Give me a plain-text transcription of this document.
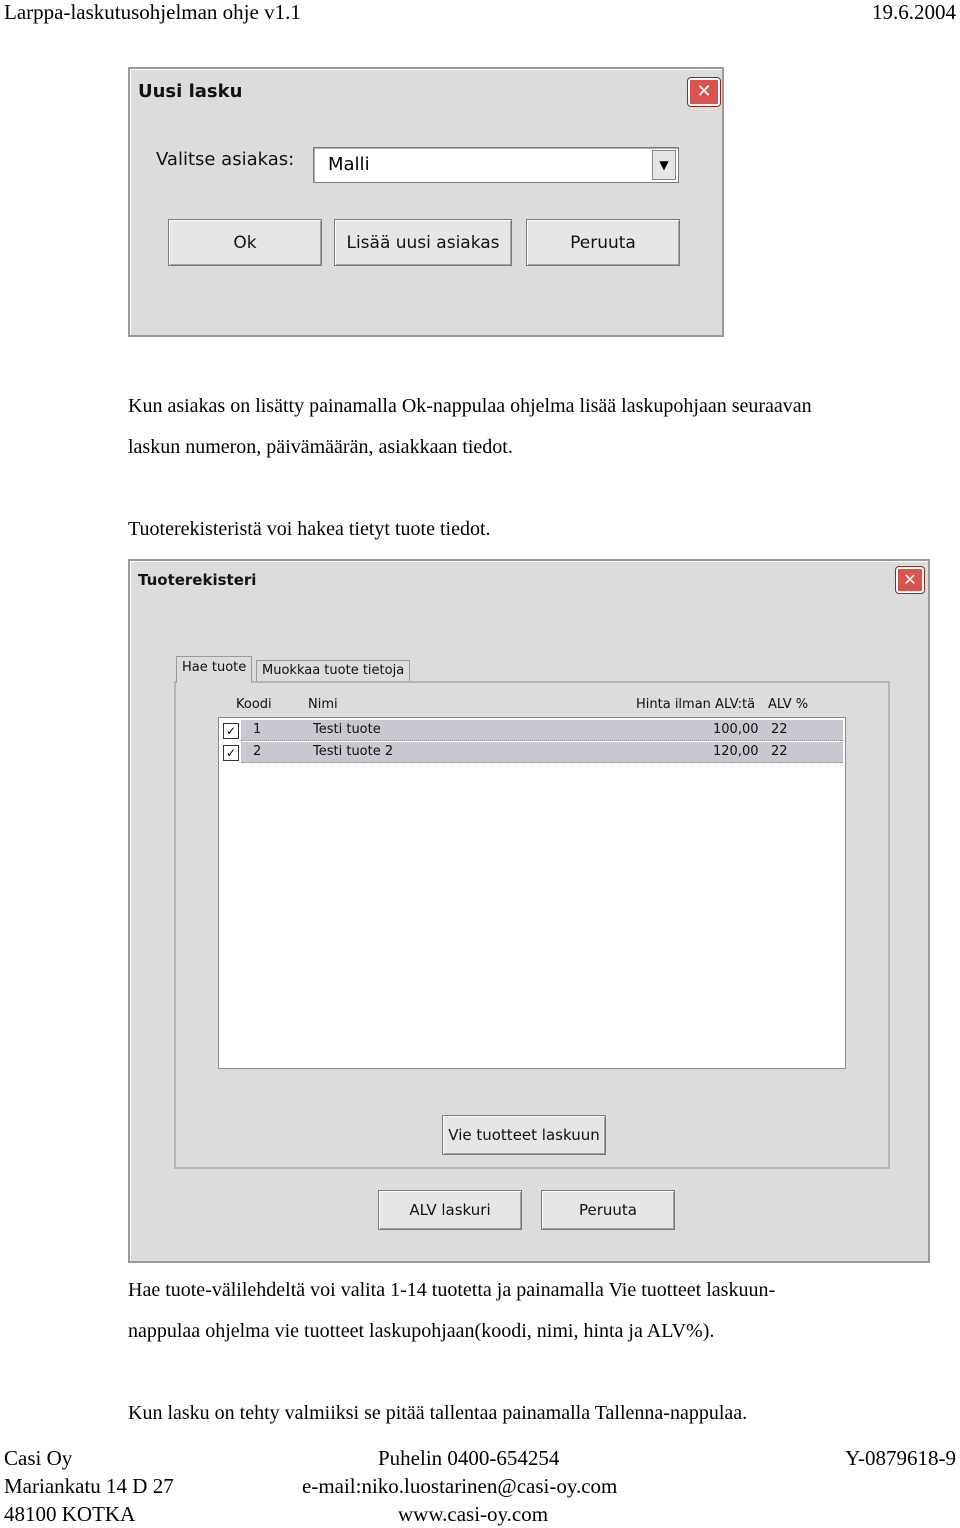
Larppa-laskutusohjelman ohje v1.1	19.6.2004
Uusi lasku	✕
Valitse asiakas: Malli	▼
Ok	Lisää uusi asiakas	Peruuta
Kun asiakas on lisätty painamalla Ok-nappulaa ohjelma lisää laskupohjaan seuraavan
laskun numeron, päivämäärän, asiakkaan tiedot.
Tuoterekisteristä voi hakea tietyt tuote tiedot.
Tuoterekisteri	✕
Hae tuote	Muokkaa tuote tietoja
Koodi	Nimi	Hinta ilman ALV:tä ALV %
✓ 1	Testi tuote	100,00 22
✓ 2	Testi tuote 2	120,00 22
Vie tuotteet laskuun
ALV laskuri	Peruuta
Hae tuote-välilehdeltä voi valita 1-14 tuotetta ja painamalla Vie tuotteet laskuun-
nappulaa ohjelma vie tuotteet laskupohjaan(koodi, nimi, hinta ja ALV%).
Kun lasku on tehty valmiiksi se pitää tallentaa painamalla Tallenna-nappulaa.
Casi Oy
Mariankatu 14 D 27
48100 KOTKA
Puhelin 0400-654254
e-mail:niko.luostarinen@casi-oy.com
www.casi-oy.com
Y-0879618-9
